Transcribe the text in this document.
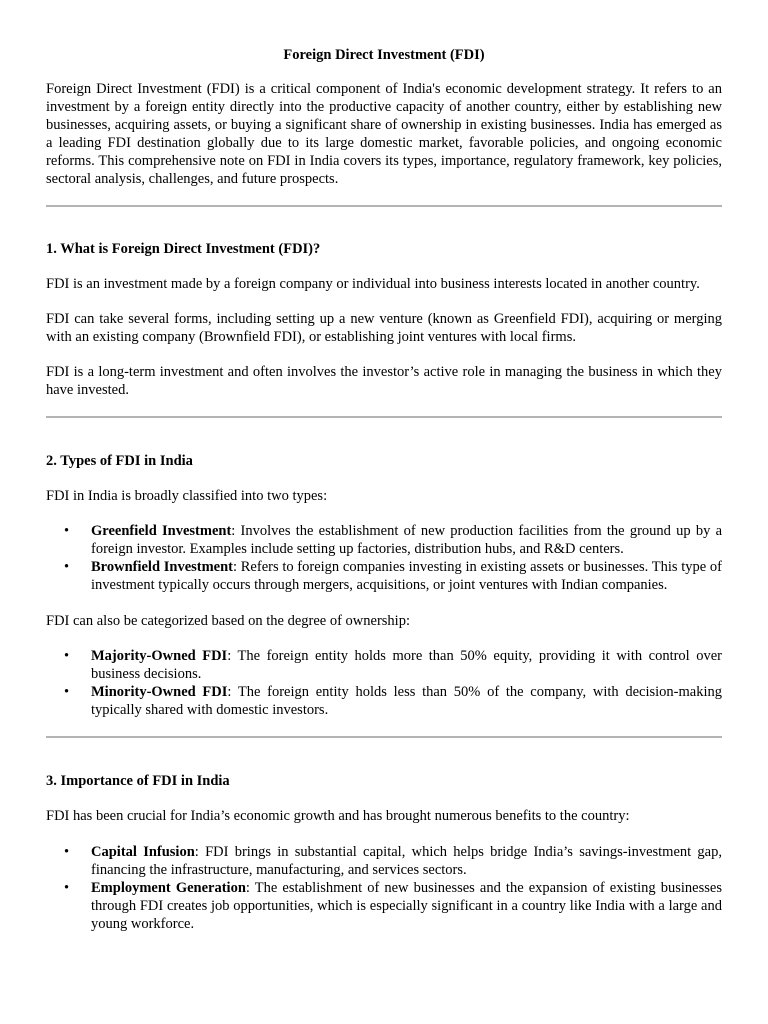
Foreign Direct Investment (FDI)

Foreign Direct Investment (FDI) is a critical component of India's economic development strategy. It refers to an investment by a foreign entity directly into the productive capacity of another country, either by establishing new businesses, acquiring assets, or buying a significant share of ownership in existing businesses. India has emerged as a leading FDI destination globally due to its large domestic market, favorable policies, and ongoing economic reforms. This comprehensive note on FDI in India covers its types, importance, regulatory framework, key policies, sectoral analysis, challenges, and future prospects.

1. What is Foreign Direct Investment (FDI)?

FDI is an investment made by a foreign company or individual into business interests located in another country.

FDI can take several forms, including setting up a new venture (known as Greenfield FDI), acquiring or merging with an existing company (Brownfield FDI), or establishing joint ventures with local firms.

FDI is a long-term investment and often involves the investor’s active role in managing the business in which they have invested.

2. Types of FDI in India

FDI in India is broadly classified into two types:

• Greenfield Investment: Involves the establishment of new production facilities from the ground up by a foreign investor. Examples include setting up factories, distribution hubs, and R&D centers.
• Brownfield Investment: Refers to foreign companies investing in existing assets or businesses. This type of investment typically occurs through mergers, acquisitions, or joint ventures with Indian companies.

FDI can also be categorized based on the degree of ownership:

• Majority-Owned FDI: The foreign entity holds more than 50% equity, providing it with control over business decisions.
• Minority-Owned FDI: The foreign entity holds less than 50% of the company, with decision-making typically shared with domestic investors.
3. Importance of FDI in India

FDI has been crucial for India’s economic growth and has brought numerous benefits to the country:

• Capital Infusion: FDI brings in substantial capital, which helps bridge India’s savings-investment gap, financing the infrastructure, manufacturing, and services sectors.
• Employment Generation: The establishment of new businesses and the expansion of existing businesses through FDI creates job opportunities, which is especially significant in a country like India with a large and young workforce.
